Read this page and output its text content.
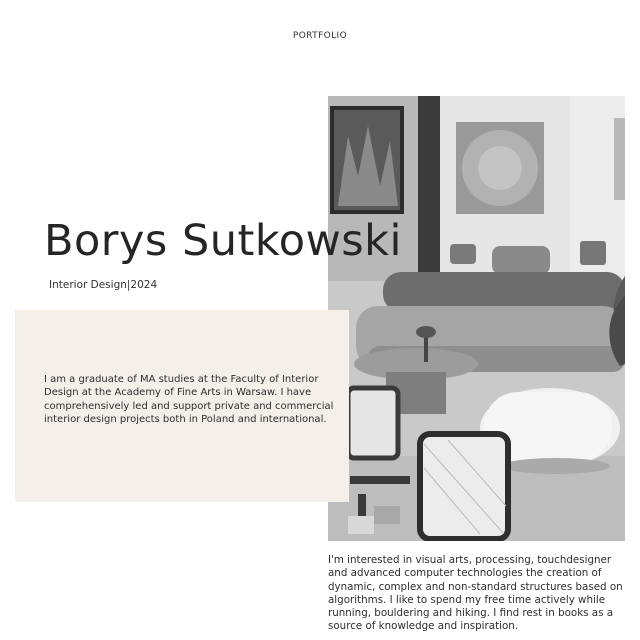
PORTFOLIO
Borys Sutkowski
Interior Design|2024

I am a graduate of MA studies at the Faculty of Interior Design at the Academy of Fine Arts in Warsaw. I have comprehensively led and support private and commercial interior design projects both in Poland and international.

I'm interested in visual arts, processing, touchdesigner and advanced computer technologies the creation of dynamic, complex and non-standard structures based on algorithms. I like to spend my free time actively while running, bouldering and hiking. I find rest in books as a source of knowledge and inspiration.
